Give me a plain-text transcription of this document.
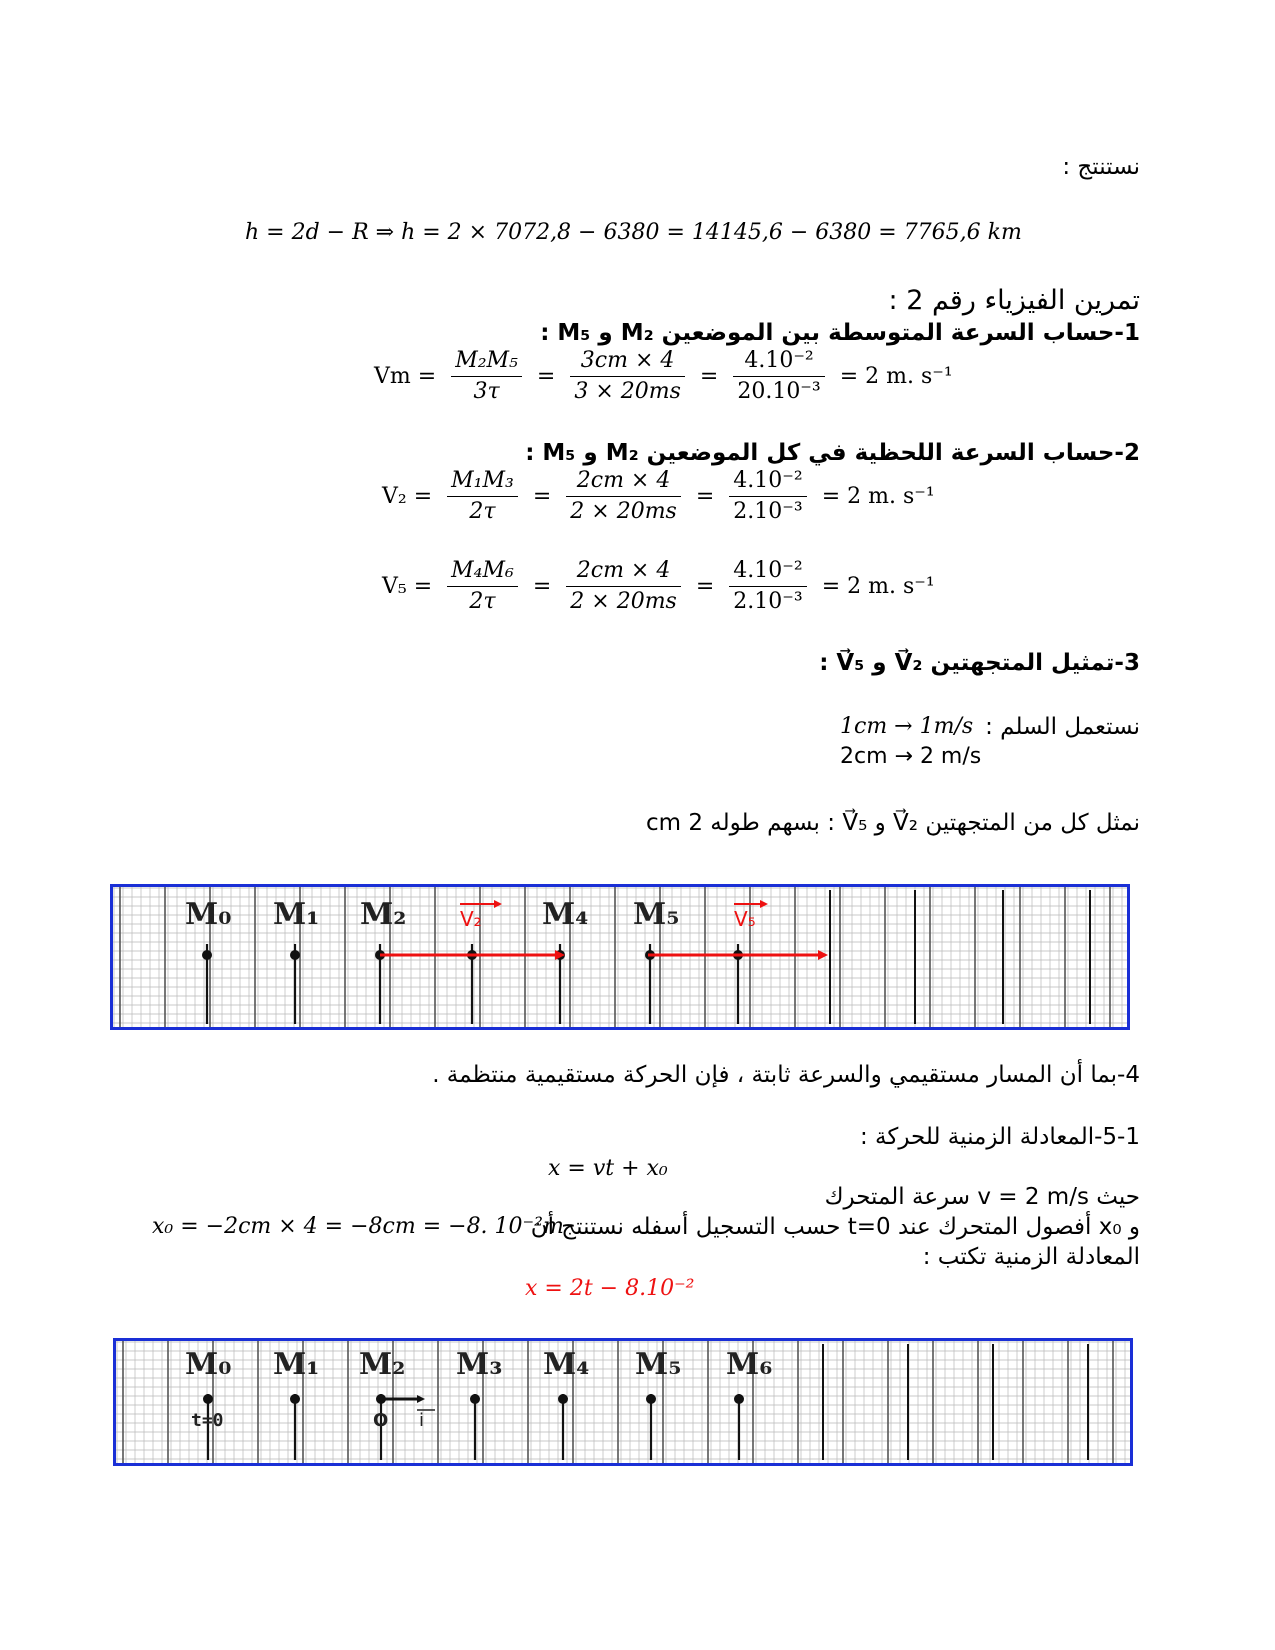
نستنتج :
h = 2d − R ⇒ h = 2 × 7072,8 − 6380 = 14145,6 − 6380 = 7765,6 km
تمرين الفيزياء رقم 2 :
1-حساب السرعة المتوسطة بين الموضعين M₂ و M₅ :
$Vm = \frac{\text{M₂M₅}}{3\tau} = \frac{3cm \times 4}{3 \times 20ms} = \frac{\text{4.10⁻²}}{\text{20.10⁻³}} = 2$ m. s⁻¹
2-حساب السرعة اللحظية في كل الموضعين M₂ و M₅ :
$V_2 = \frac{\text{M₁M₃}}{2\tau} = \frac{2cm \times 4}{2 \times 20ms} = \frac{\text{4.10⁻²}}{\text{2.10⁻³}} = 2$ m. s⁻¹
$V_5 = \frac{\text{M₄M₆}}{2\tau} = \frac{2cm \times 4}{2 \times 20ms} = \frac{\text{4.10⁻²}}{\text{2.10⁻³}} = 2$ m. s⁻¹
3-تمثيل المتجهتين V⃗₂ و V⃗₅ :
نستعمل السلم :
1cm → 1m/s
2cm → 2 m/s
نمثل كل من المتجهتين V⃗₂ و V⃗₅ : بسهم طوله 2 cm
M₀ M₁ M₂	V₂ M₄ M₅	V₅
4-بما أن المسار مستقيمي والسرعة ثابتة ، فإن الحركة مستقيمية منتظمة .
5-1-المعادلة الزمنية للحركة :
x = vt + x₀
حيث v = 2 m/s سرعة المتحرك
و x₀ أفصول المتحرك عند t=0 حسب التسجيل أسفله نستنتج أن
x₀ = −2cm × 4 = −8cm = −8. 10⁻²m
المعادلة الزمنية تكتب :
x = 2t − 8.10⁻²
M₀ M₁ M₂ M₃ M₄ M₅ M₆
t=0	O i
